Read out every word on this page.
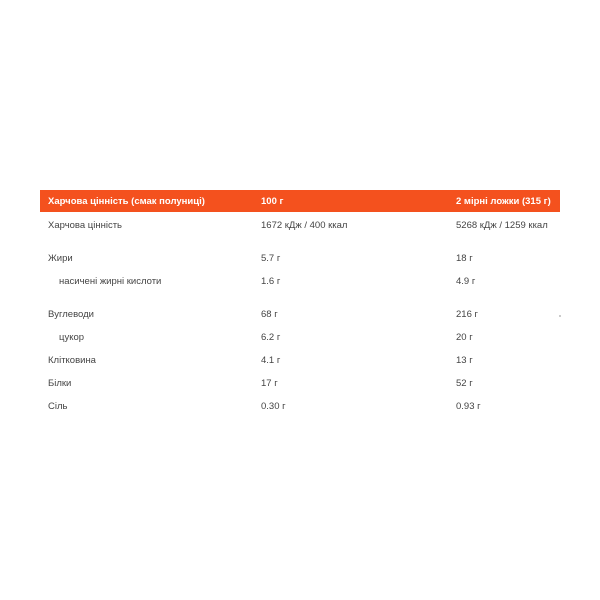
Харчова цінність (смак полуниці)	100 г	2 мірні ложки (315 г)
Харчова цінність	1672 кДж / 400 ккал	5268 кДж / 1259 ккал
Жири	5.7 г	18 г
насичені жирні кислоти	1.6 г	4.9 г
Вуглеводи	68 г	216 г
цукор	6.2 г	20 г
Клітковина	4.1 г	13 г
Білки	17 г	52 г
Сіль	0.30 г	0.93 г
